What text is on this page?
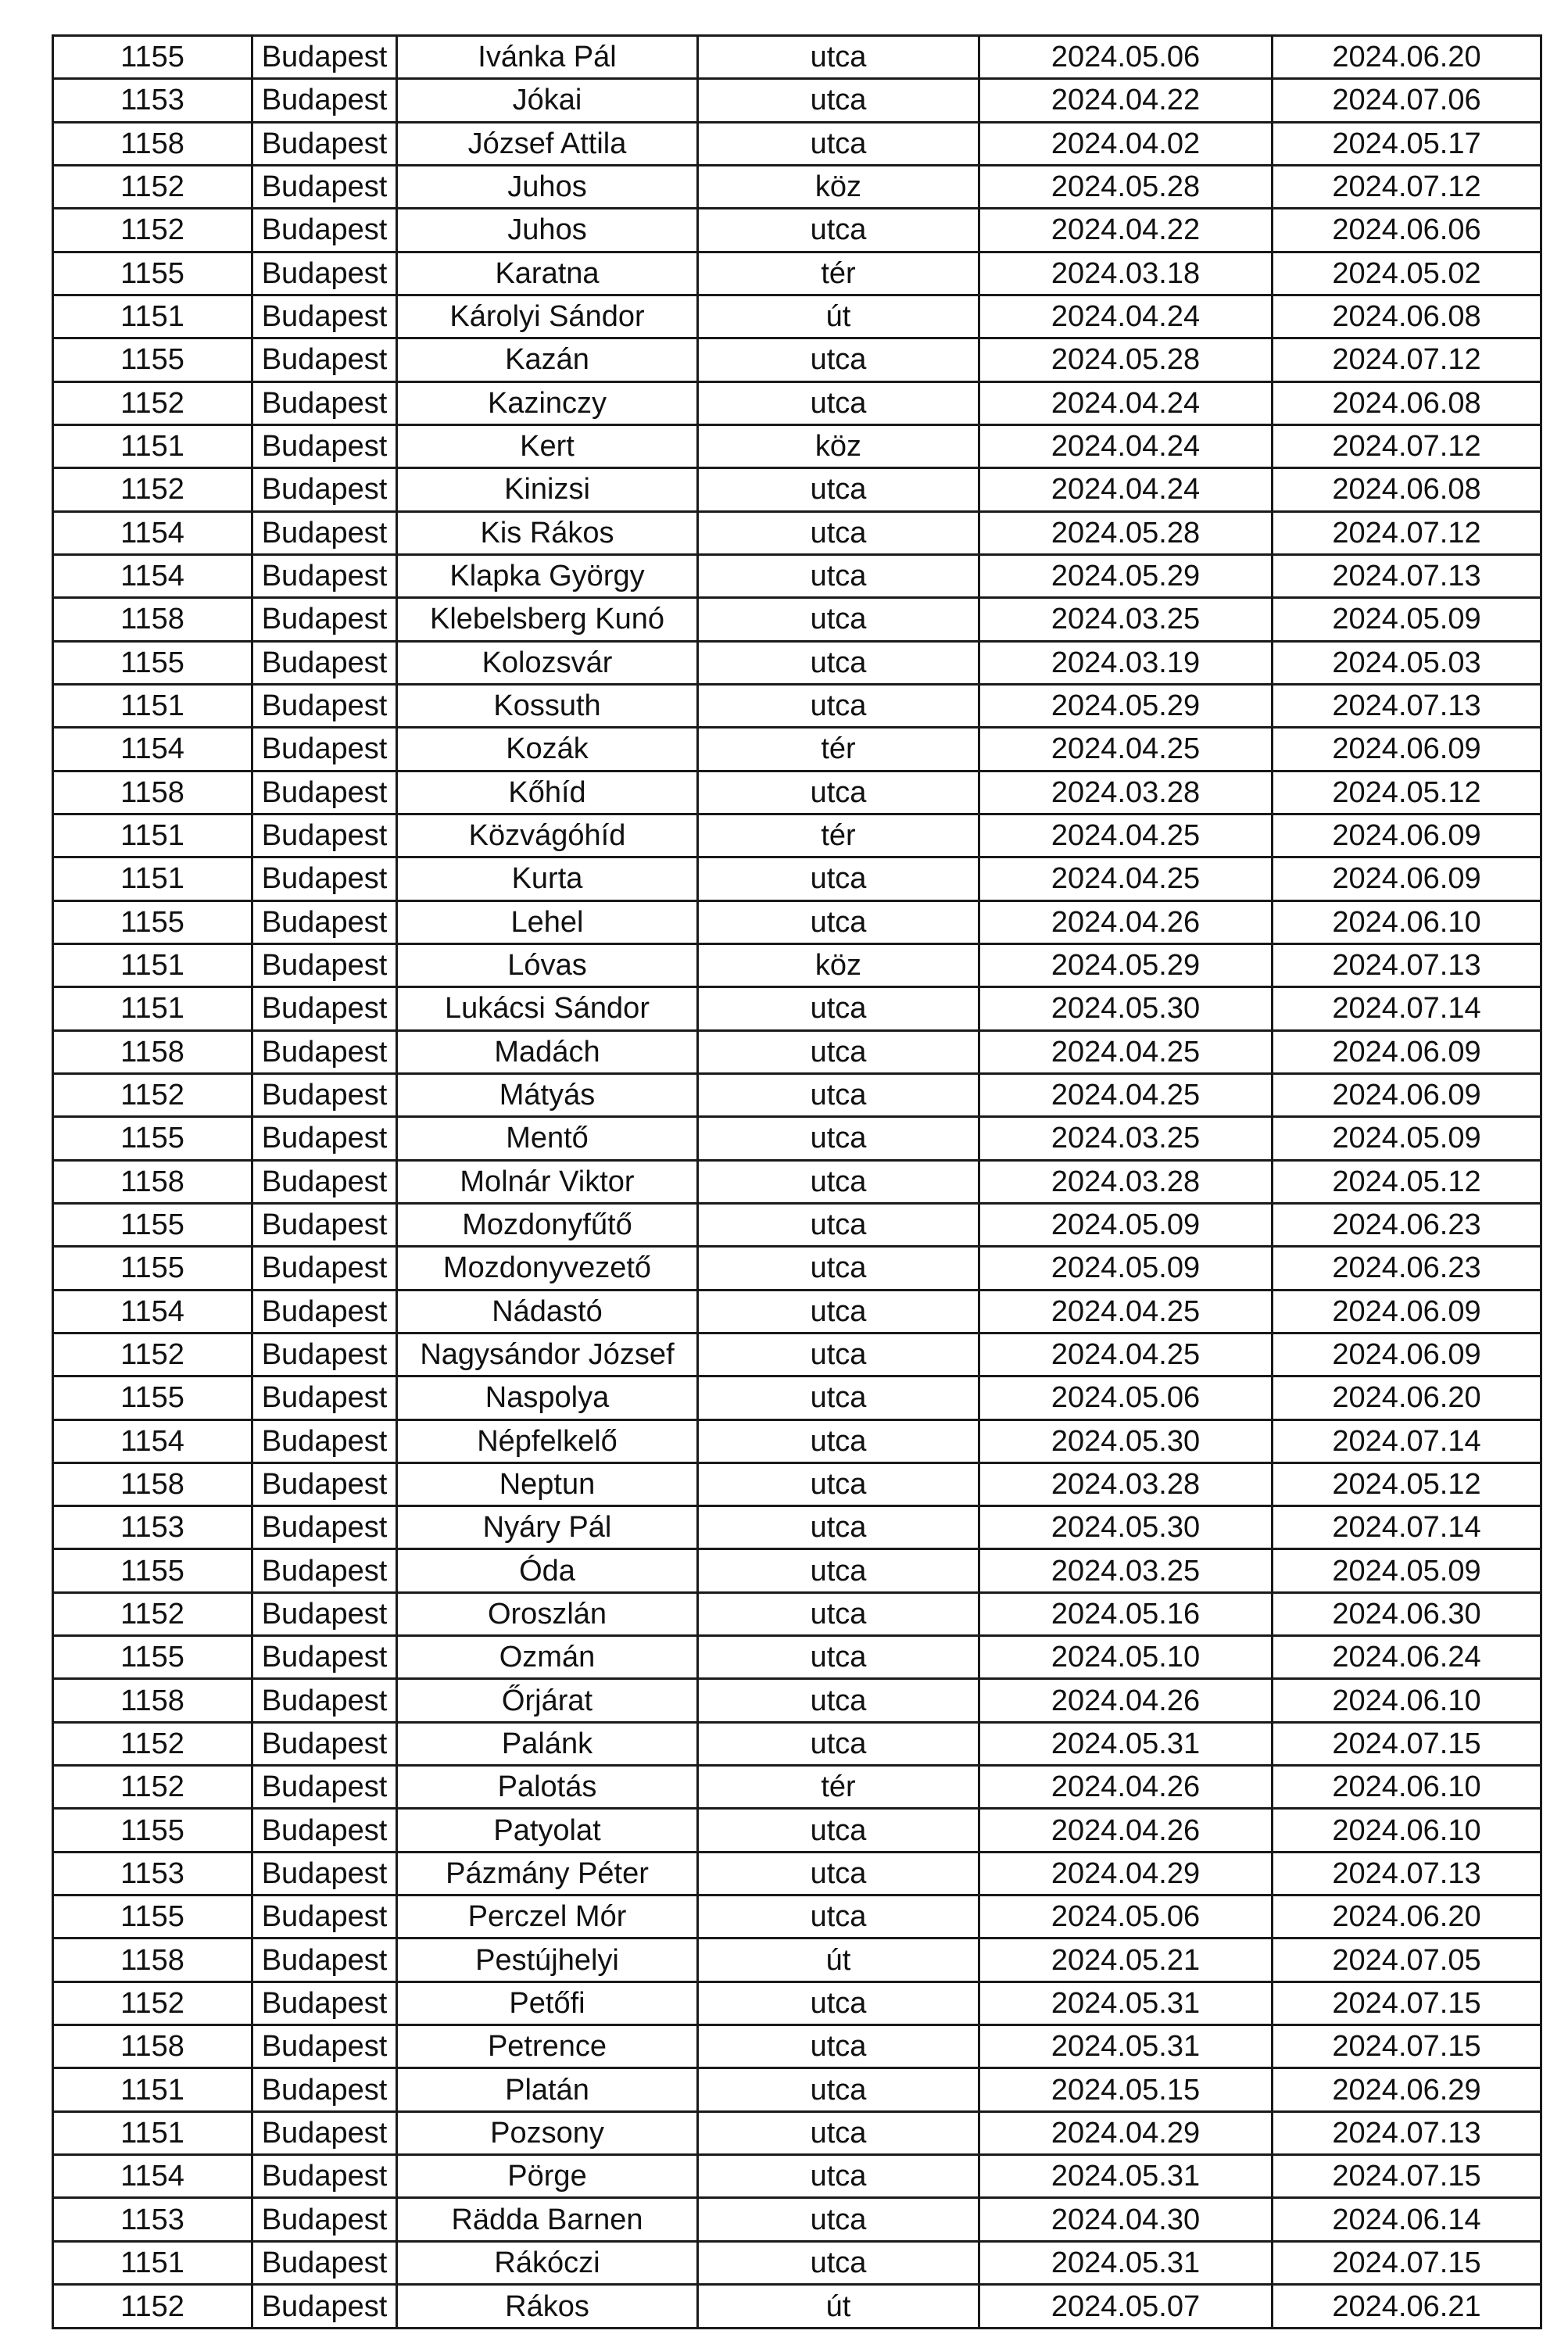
1155	Budapest	Ivánka Pál	utca	2024.05.06	2024.06.20
1153	Budapest	Jókai	utca	2024.04.22	2024.07.06
1158	Budapest	József Attila	utca	2024.04.02	2024.05.17
1152	Budapest	Juhos	köz	2024.05.28	2024.07.12
1152	Budapest	Juhos	utca	2024.04.22	2024.06.06
1155	Budapest	Karatna	tér	2024.03.18	2024.05.02
1151	Budapest	Károlyi Sándor	út	2024.04.24	2024.06.08
1155	Budapest	Kazán	utca	2024.05.28	2024.07.12
1152	Budapest	Kazinczy	utca	2024.04.24	2024.06.08
1151	Budapest	Kert	köz	2024.04.24	2024.07.12
1152	Budapest	Kinizsi	utca	2024.04.24	2024.06.08
1154	Budapest	Kis Rákos	utca	2024.05.28	2024.07.12
1154	Budapest	Klapka György	utca	2024.05.29	2024.07.13
1158	Budapest	Klebelsberg Kunó	utca	2024.03.25	2024.05.09
1155	Budapest	Kolozsvár	utca	2024.03.19	2024.05.03
1151	Budapest	Kossuth	utca	2024.05.29	2024.07.13
1154	Budapest	Kozák	tér	2024.04.25	2024.06.09
1158	Budapest	Kőhíd	utca	2024.03.28	2024.05.12
1151	Budapest	Közvágóhíd	tér	2024.04.25	2024.06.09
1151	Budapest	Kurta	utca	2024.04.25	2024.06.09
1155	Budapest	Lehel	utca	2024.04.26	2024.06.10
1151	Budapest	Lóvas	köz	2024.05.29	2024.07.13
1151	Budapest	Lukácsi Sándor	utca	2024.05.30	2024.07.14
1158	Budapest	Madách	utca	2024.04.25	2024.06.09
1152	Budapest	Mátyás	utca	2024.04.25	2024.06.09
1155	Budapest	Mentő	utca	2024.03.25	2024.05.09
1158	Budapest	Molnár Viktor	utca	2024.03.28	2024.05.12
1155	Budapest	Mozdonyfűtő	utca	2024.05.09	2024.06.23
1155	Budapest	Mozdonyvezető	utca	2024.05.09	2024.06.23
1154	Budapest	Nádastó	utca	2024.04.25	2024.06.09
1152	Budapest	Nagysándor József	utca	2024.04.25	2024.06.09
1155	Budapest	Naspolya	utca	2024.05.06	2024.06.20
1154	Budapest	Népfelkelő	utca	2024.05.30	2024.07.14
1158	Budapest	Neptun	utca	2024.03.28	2024.05.12
1153	Budapest	Nyáry Pál	utca	2024.05.30	2024.07.14
1155	Budapest	Óda	utca	2024.03.25	2024.05.09
1152	Budapest	Oroszlán	utca	2024.05.16	2024.06.30
1155	Budapest	Ozmán	utca	2024.05.10	2024.06.24
1158	Budapest	Őrjárat	utca	2024.04.26	2024.06.10
1152	Budapest	Palánk	utca	2024.05.31	2024.07.15
1152	Budapest	Palotás	tér	2024.04.26	2024.06.10
1155	Budapest	Patyolat	utca	2024.04.26	2024.06.10
1153	Budapest	Pázmány Péter	utca	2024.04.29	2024.07.13
1155	Budapest	Perczel Mór	utca	2024.05.06	2024.06.20
1158	Budapest	Pestújhelyi	út	2024.05.21	2024.07.05
1152	Budapest	Petőfi	utca	2024.05.31	2024.07.15
1158	Budapest	Petrence	utca	2024.05.31	2024.07.15
1151	Budapest	Platán	utca	2024.05.15	2024.06.29
1151	Budapest	Pozsony	utca	2024.04.29	2024.07.13
1154	Budapest	Pörge	utca	2024.05.31	2024.07.15
1153	Budapest	Rädda Barnen	utca	2024.04.30	2024.06.14
1151	Budapest	Rákóczi	utca	2024.05.31	2024.07.15
1152	Budapest	Rákos	út	2024.05.07	2024.06.21
